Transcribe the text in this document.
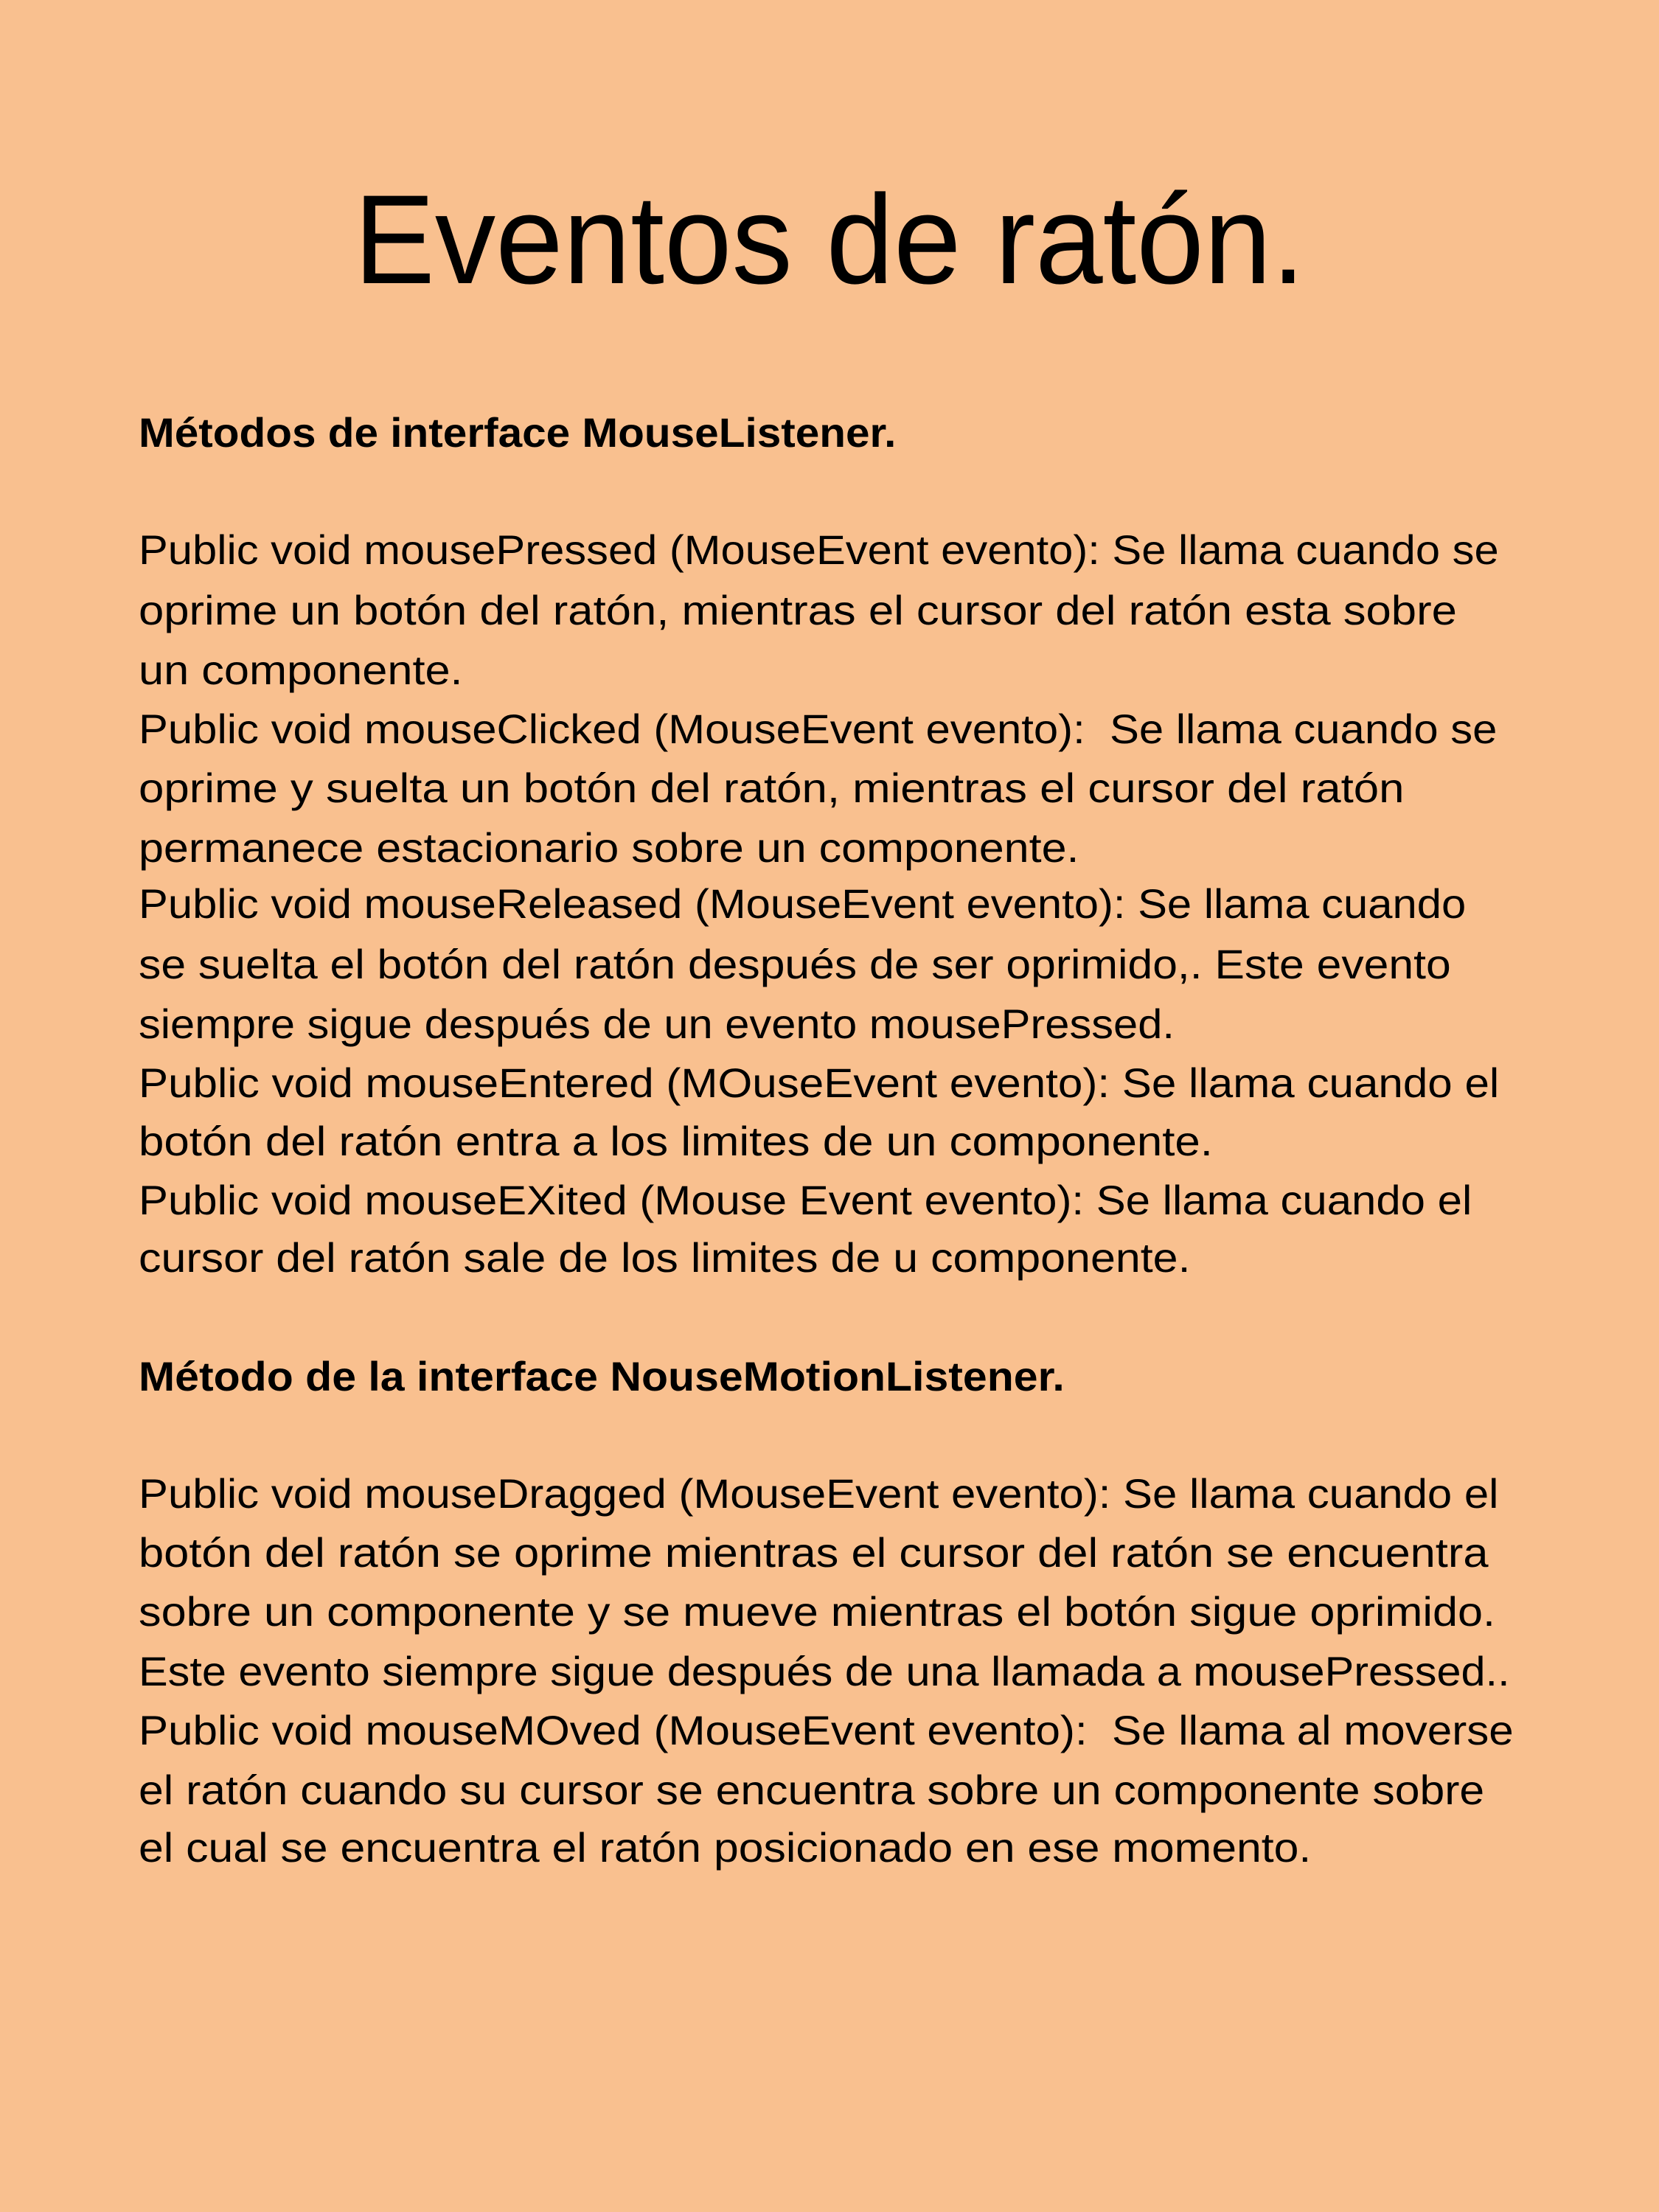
Eventos de ratón.
Métodos de interface MouseListener.
Public void mousePressed (MouseEvent evento): Se llama cuando se
oprime un botón del ratón, mientras el cursor del ratón esta sobre
un componente.
Public void mouseClicked (MouseEvent evento):  Se llama cuando se
oprime y suelta un botón del ratón, mientras el cursor del ratón
permanece estacionario sobre un componente.
Public void mouseReleased (MouseEvent evento): Se llama cuando
se suelta el botón del ratón después de ser oprimido,. Este evento
siempre sigue después de un evento mousePressed.
Public void mouseEntered (MOuseEvent evento): Se llama cuando el
botón del ratón entra a los limites de un componente.
Public void mouseEXited (Mouse Event evento): Se llama cuando el
cursor del ratón sale de los limites de u componente.
Método de la interface NouseMotionListener.
Public void mouseDragged (MouseEvent evento): Se llama cuando el
botón del ratón se oprime mientras el cursor del ratón se encuentra
sobre un componente y se mueve mientras el botón sigue oprimido.
Este evento siempre sigue después de una llamada a mousePressed..
Public void mouseMOved (MouseEvent evento):  Se llama al moverse
el ratón cuando su cursor se encuentra sobre un componente sobre
el cual se encuentra el ratón posicionado en ese momento.
